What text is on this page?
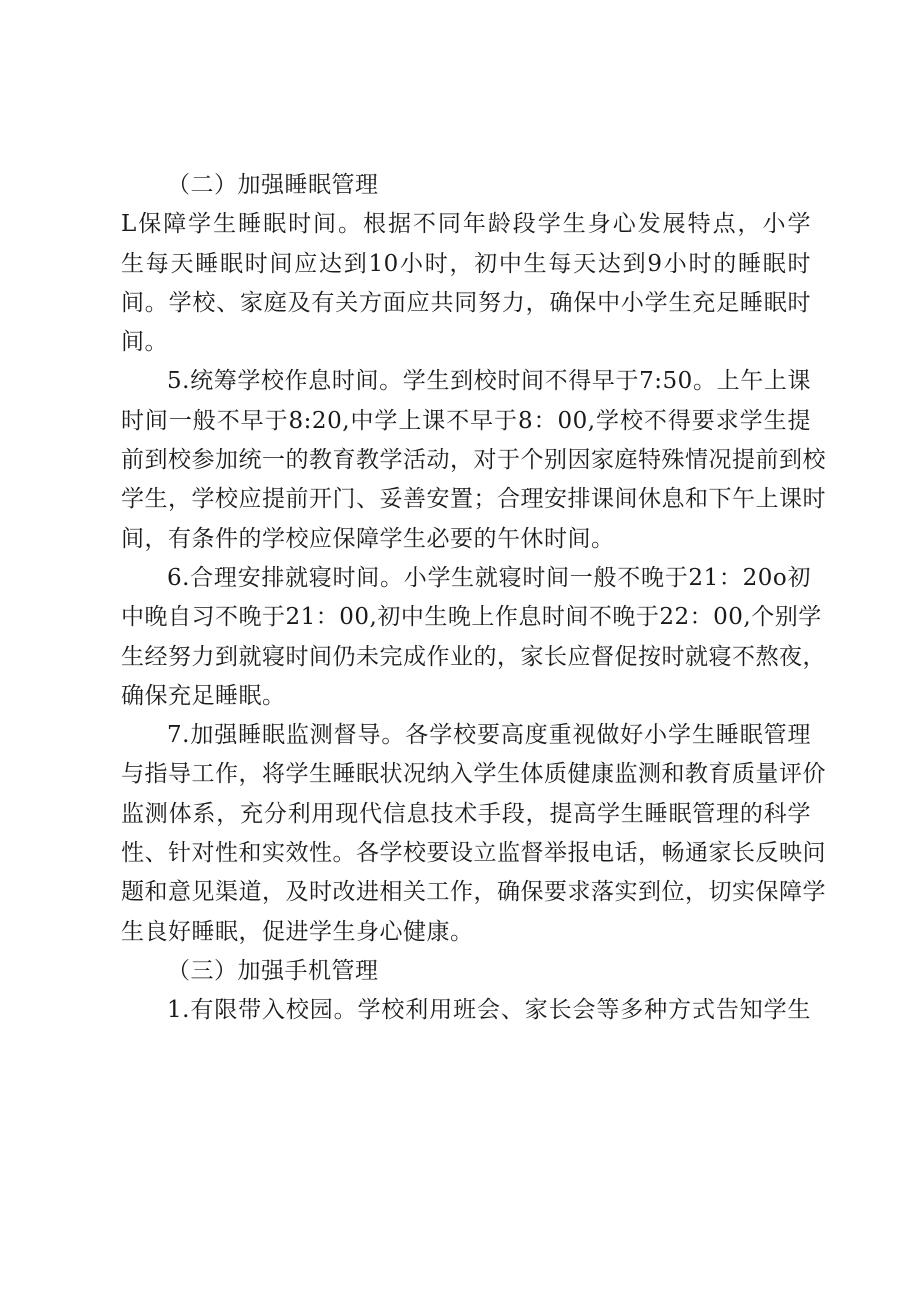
（二）加强睡眠管理
L保障学生睡眠时间。根据不同年龄段学生身心发展特点，小学
生每天睡眠时间应达到10小时，初中生每天达到9小时的睡眠时
间。学校、家庭及有关方面应共同努力，确保中小学生充足睡眠时
间。
5.统筹学校作息时间。学生到校时间不得早于7:50。上午上课
时间一般不早于8:20,中学上课不早于8：00,学校不得要求学生提
前到校参加统一的教育教学活动，对于个别因家庭特殊情况提前到校
学生，学校应提前开门、妥善安置；合理安排课间休息和下午上课时
间，有条件的学校应保障学生必要的午休时间。
6.合理安排就寝时间。小学生就寝时间一般不晚于21：20o初
中晚自习不晚于21：00,初中生晚上作息时间不晚于22：00,个别学
生经努力到就寝时间仍未完成作业的，家长应督促按时就寝不熬夜，
确保充足睡眠。
7.加强睡眠监测督导。各学校要高度重视做好小学生睡眠管理
与指导工作，将学生睡眠状况纳入学生体质健康监测和教育质量评价
监测体系，充分利用现代信息技术手段，提高学生睡眠管理的科学
性、针对性和实效性。各学校要设立监督举报电话，畅通家长反映问
题和意见渠道，及时改进相关工作，确保要求落实到位，切实保障学
生良好睡眠，促进学生身心健康。
（三）加强手机管理
1.有限带入校园。学校利用班会、家长会等多种方式告知学生
